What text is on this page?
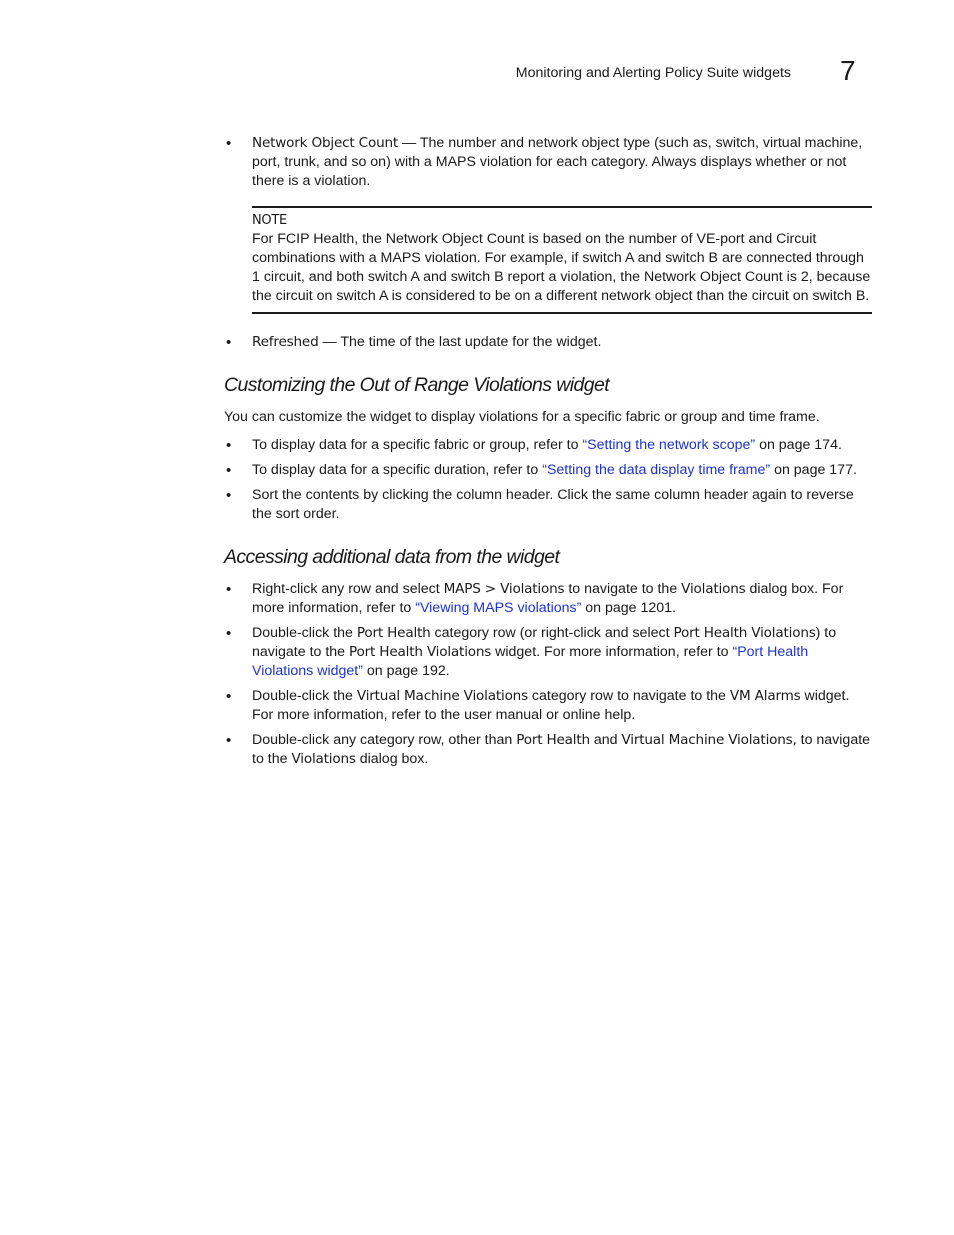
Monitoring and Alerting Policy Suite widgets 7
• Network Object Count — The number and network object type (such as, switch, virtual machine, port, trunk, and so on) with a MAPS violation for each category. Always displays whether or not there is a violation.
NOTE
For FCIP Health, the Network Object Count is based on the number of VE-port and Circuit combinations with a MAPS violation. For example, if switch A and switch B are connected through 1 circuit, and both switch A and switch B report a violation, the Network Object Count is 2, because the circuit on switch A is considered to be on a different network object than the circuit on switch B.
• Refreshed — The time of the last update for the widget.
Customizing the Out of Range Violations widget

You can customize the widget to display violations for a specific fabric or group and time frame.

• To display data for a specific fabric or group, refer to “Setting the network scope” on page 174.
• To display data for a specific duration, refer to “Setting the data display time frame” on page 177.
• Sort the contents by clicking the column header. Click the same column header again to reverse the sort order.
Accessing additional data from the widget
• Right-click any row and select MAPS > Violations to navigate to the Violations dialog box. For more information, refer to “Viewing MAPS violations” on page 1201.
• Double-click the Port Health category row (or right-click and select Port Health Violations) to navigate to the Port Health Violations widget. For more information, refer to “Port Health Violations widget” on page 192.
• Double-click the Virtual Machine Violations category row to navigate to the VM Alarms widget. For more information, refer to the user manual or online help.
• Double-click any category row, other than Port Health and Virtual Machine Violations, to navigate to the Violations dialog box.
